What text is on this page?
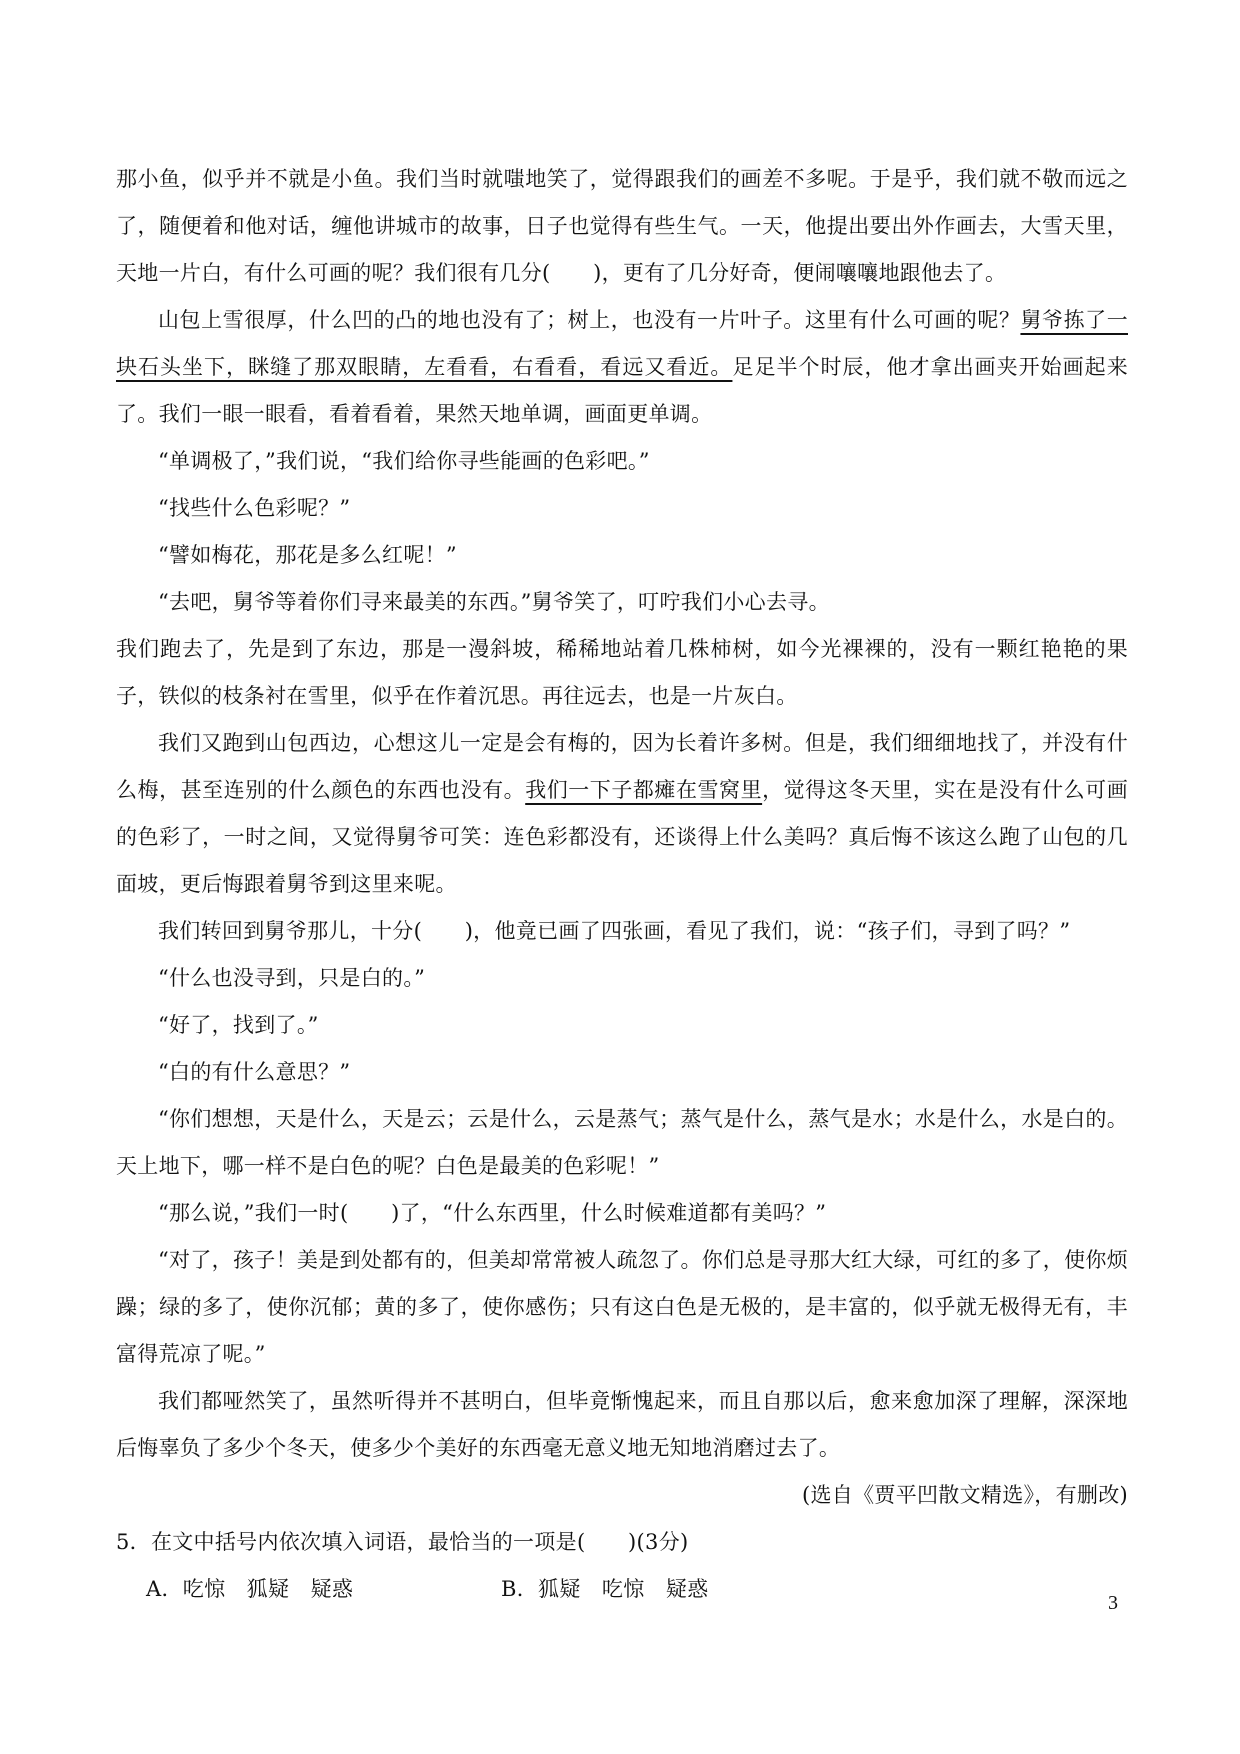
那小鱼，似乎并不就是小鱼。我们当时就嗤地笑了，觉得跟我们的画差不多呢。于是乎，我们就不敬而远之了，随便着和他对话，缠他讲城市的故事，日子也觉得有些生气。一天，他提出要出外作画去，大雪天里，天地一片白，有什么可画的呢？我们很有几分(　　)，更有了几分好奇，便闹嚷嚷地跟他去了。

山包上雪很厚，什么凹的凸的地也没有了；树上，也没有一片叶子。这里有什么可画的呢？舅爷拣了一块石头坐下，眯缝了那双眼睛，左看看，右看看，看远又看近。足足半个时辰，他才拿出画夹开始画起来了。我们一眼一眼看，看着看着，果然天地单调，画面更单调。

“单调极了，”我们说，“我们给你寻些能画的色彩吧。”

“找些什么色彩呢？”

“譬如梅花，那花是多么红呢！”

“去吧，舅爷等着你们寻来最美的东西。”舅爷笑了，叮咛我们小心去寻。

我们跑去了，先是到了东边，那是一漫斜坡，稀稀地站着几株柿树，如今光裸裸的，没有一颗红艳艳的果子，铁似的枝条衬在雪里，似乎在作着沉思。再往远去，也是一片灰白。

我们又跑到山包西边，心想这儿一定是会有梅的，因为长着许多树。但是，我们细细地找了，并没有什么梅，甚至连别的什么颜色的东西也没有。我们一下子都瘫在雪窝里，觉得这冬天里，实在是没有什么可画的色彩了，一时之间，又觉得舅爷可笑：连色彩都没有，还谈得上什么美吗？真后悔不该这么跑了山包的几面坡，更后悔跟着舅爷到这里来呢。

我们转回到舅爷那儿，十分(　　)，他竟已画了四张画，看见了我们，说：“孩子们，寻到了吗？”

“什么也没寻到，只是白的。”

“好了，找到了。”

“白的有什么意思？”

“你们想想，天是什么，天是云；云是什么，云是蒸气；蒸气是什么，蒸气是水；水是什么，水是白的。天上地下，哪一样不是白色的呢？白色是最美的色彩呢！”

“那么说，”我们一时(　　)了，“什么东西里，什么时候难道都有美吗？”

“对了，孩子！美是到处都有的，但美却常常被人疏忽了。你们总是寻那大红大绿，可红的多了，使你烦躁；绿的多了，使你沉郁；黄的多了，使你感伤；只有这白色是无极的，是丰富的，似乎就无极得无有，丰富得荒凉了呢。”

我们都哑然笑了，虽然听得并不甚明白，但毕竟惭愧起来，而且自那以后，愈来愈加深了理解，深深地后悔辜负了多少个冬天，使多少个美好的东西毫无意义地无知地消磨过去了。

(选自《贾平凹散文精选》，有删改)

5．在文中括号内依次填入词语，最恰当的一项是(　　)(3分)

A．吃惊　狐疑　疑惑	B．狐疑　吃惊　疑惑
3
